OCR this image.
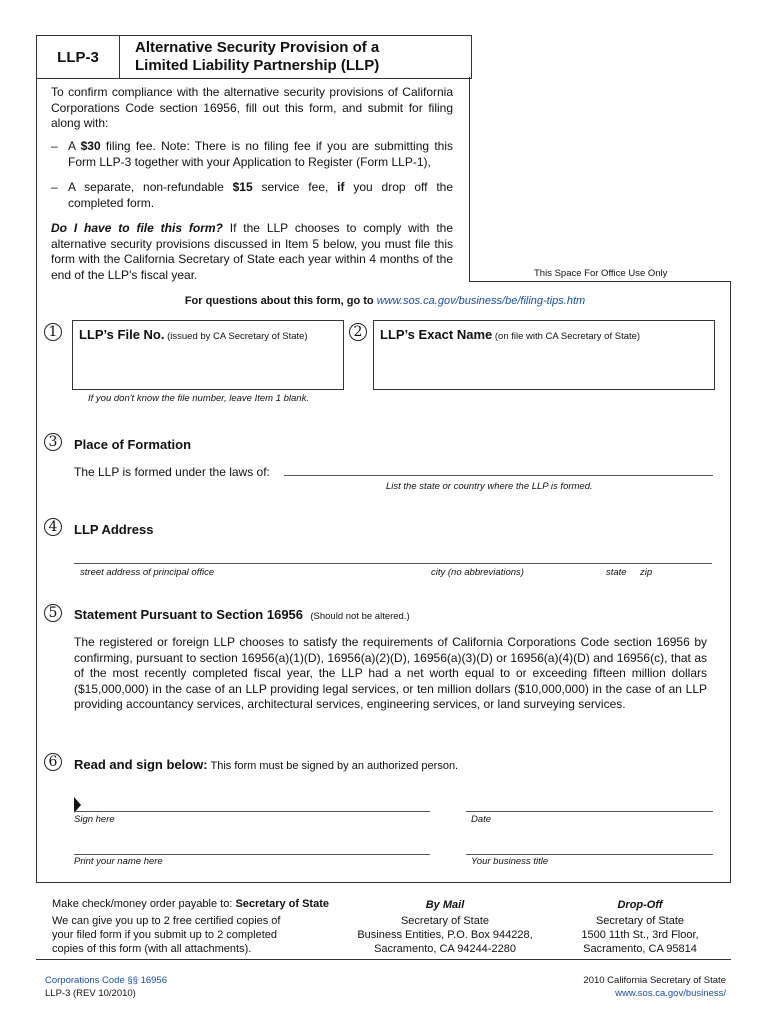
LLP-3
Alternative Security Provision of a
Limited Liability Partnership (LLP)
To confirm compliance with the alternative security provisions of California Corporations Code section 16956, fill out this form, and submit for filing along with:
– A $30 filing fee. Note: There is no filing fee if you are submitting this Form LLP-3 together with your Application to Register (Form LLP-1),
– A separate, non-refundable $15 service fee, if you drop off the completed form.
Do I have to file this form? If the LLP chooses to comply with the alternative security provisions discussed in Item 5 below, you must file this form with the California Secretary of State each year within 4 months of the end of the LLP's fiscal year.	This Space For Office Use Only
For questions about this form, go to www.sos.ca.gov/business/be/filing-tips.htm
1	LLP’s File No. (issued by CA Secretary of State)
If you don't know the file number, leave Item 1 blank.
2	LLP’s Exact Name (on file with CA Secretary of State)
3	Place of Formation
The LLP is formed under the laws of:
List the state or country where the LLP is formed.
4	LLP Address
street address of principal office	city (no abbreviations)	state zip
5	Statement Pursuant to Section 16956 (Should not be altered.)
The registered or foreign LLP chooses to satisfy the requirements of California Corporations Code section 16956 by confirming, pursuant to section 16956(a)(1)(D), 16956(a)(2)(D), 16956(a)(3)(D) or 16956(a)(4)(D) and 16956(c), that as of the most recently completed fiscal year, the LLP had a net worth equal to or exceeding fifteen million dollars ($15,000,000) in the case of an LLP providing legal services, or ten million dollars ($10,000,000) in the case of an LLP providing accountancy services, architectural services, engineering services, or land surveying services.
6	Read and sign below: This form must be signed by an authorized person.
Sign here	Date
Print your name here	Your business title
Make check/money order payable to: Secretary of State
We can give you up to 2 free certified copies of your filed form if you submit up to 2 completed copies of this form (with all attachments).
By Mail
Secretary of State
Business Entities, P.O. Box 944228,
Sacramento, CA 94244-2280
Drop-Off
Secretary of State
1500 11th St., 3rd Floor,
Sacramento, CA 95814
Corporations Code §§ 16956
LLP-3 (REV 10/2010)
2010 California Secretary of State
www.sos.ca.gov/business/
